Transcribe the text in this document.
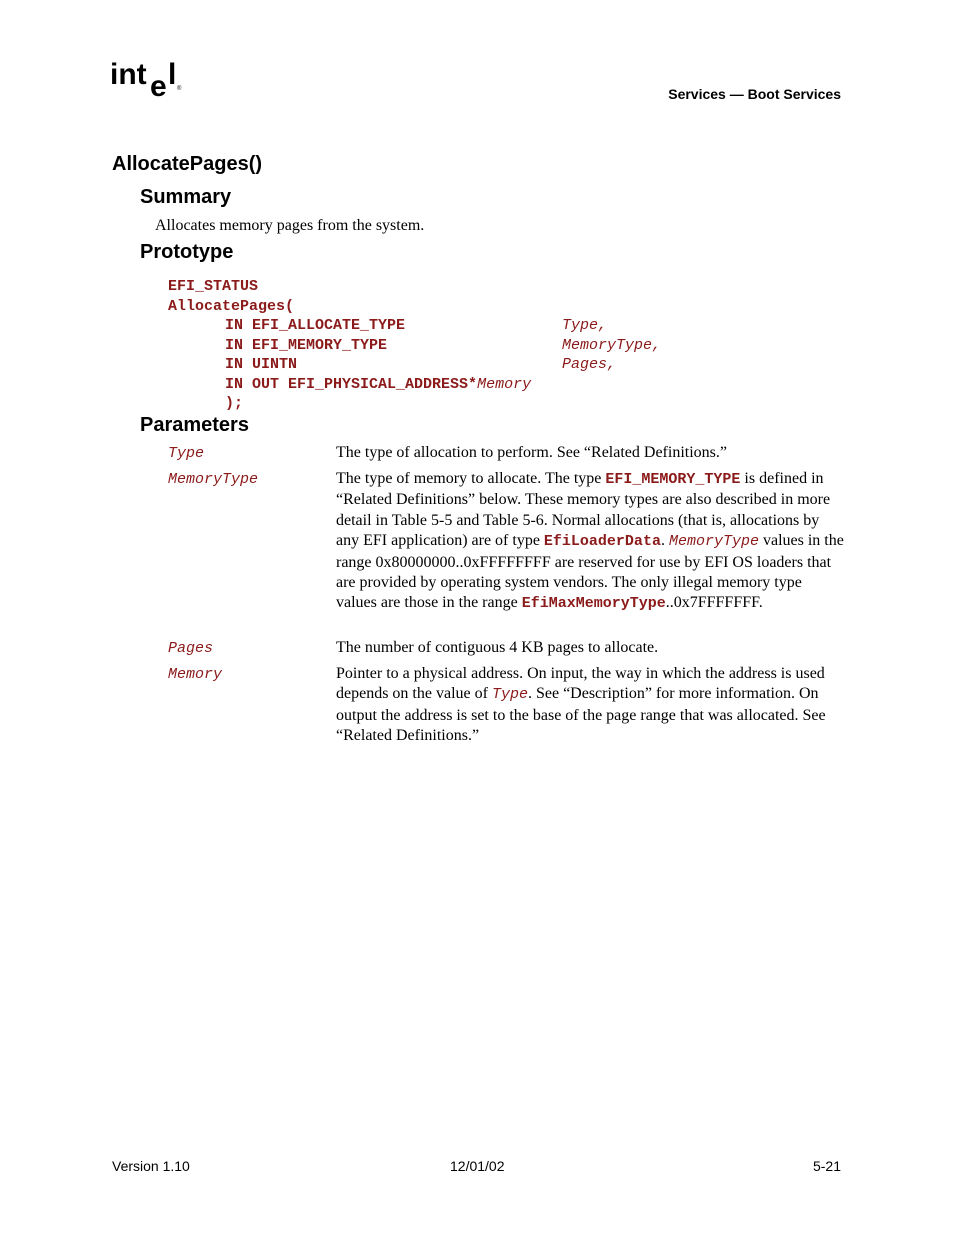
int e l ®	Services — Boot Services
AllocatePages()
Summary
Allocates memory pages from the system.
Prototype
EFI_STATUS
AllocatePages(
IN EFI_ALLOCATE_TYPE	Type,
IN EFI_MEMORY_TYPE	MemoryType,
IN UINTN	Pages,
IN OUT EFI_PHYSICAL_ADDRESS*Memory
);
Parameters
Type	The type of allocation to perform. See “Related Definitions.”
MemoryType	The type of memory to allocate. The type EFI_MEMORY_TYPE is defined in “Related Definitions” below. These memory types are also described in more detail in Table 5-5 and Table 5-6. Normal allocations (that is, allocations by any EFI application) are of type EfiLoaderData. MemoryType values in the range 0x80000000..0xFFFFFFFF are reserved for use by EFI OS loaders that are provided by operating system vendors. The only illegal memory type values are those in the range EfiMaxMemoryType..0x7FFFFFFF.
Pages	The number of contiguous 4 KB pages to allocate.
Memory	Pointer to a physical address. On input, the way in which the address is used depends on the value of Type. See “Description” for more information. On output the address is set to the base of the page range that was allocated. See “Related Definitions.”
Version 1.10	12/01/02	5-21
